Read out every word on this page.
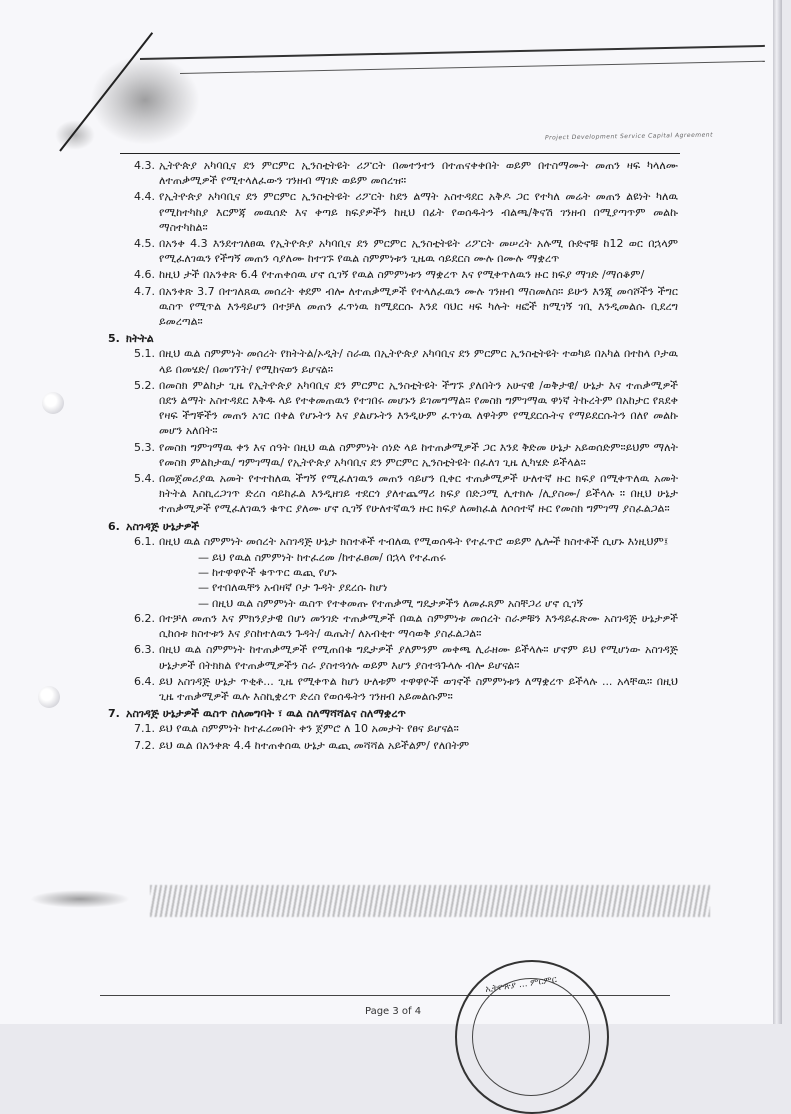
Project Development Service Capital Agreement
4.3. ኢትዮጵያ አካባቢና ደን ምርምር ኢንስቲትዩት ሪፖርት በመተንተን በተጠናቀቀበት ወይም በተስማሙት መጠን ዛፍ ካላለሙ ለተጠቃሚዎች የሚተላለፈውን ገንዘብ ማገድ ወይም መሰረዝ።
4.4. የኢትዮጵያ አካባቢና ደን ምርምር ኢንስቲትዩት ሪፖርት ከደን ልማት አስተዳደር አቅዶ ጋር የተካለ መሬት መጠን ልዩነት ካለዉ የሚከተካከያ እርምጃ መዉሰድ እና ቀጣይ ክፍያዎችን ከዚህ በፊት የወሰዱትን ብልጫ/ቅናሽ ገንዘብ በሚያጣጥም መልኩ ማስተካከል።
4.5. በአንቀ 4.3 እንደተገለፀዉ የኢትዮጵያ አካባቢና ደን ምርምር ኢንስቲትዩት ሪፖርት መሠረት አሉሚ ቡድኖቹ ከ12 ወር በኋላም የሚፈለገዉን የችግኝ መጠን ሳያለሙ ከተገኙ የዉል ስምምነቱን ጊዜዉ ሳይደርስ ሙሉ በሙሉ ማቋረጥ
4.6. ከዚህ ታች በአንቀጽ 6.4 የተጠቀሰዉ ሆኖ ሲገኝ የዉል ስምምነቱን ማቋረጥ እና የሚቀጥለዉን ዙር ክፍያ ማገድ /ማሰቆም/
4.7. በአንቀጽ 3.7 በተገለጸዉ መሰረት ቀደም ብሎ ለተጠቃሚዎች የተላለፈዉን ሙሉ ገንዘብ ማስመለስ። ይሁን እንጂ መሳሾችን ችግር ዉስጥ የሚጥል እንዳይሆን በተቻለ መጠን ፈጥነዉ ክሚደርሱ እንደ ባህር ዛፍ ካሉት ዛፎች ክሚገኝ ገቢ እንዲመልሱ ቢደረግ ይመረጣል።
5. ክትትል
5.1. በዚህ ዉል ስምምነት መሰረት የክትትል/ኦዲት/ ስራዉ በኢትዮጵያ አካባቢና ደን ምርምር ኢንስቲትዩት ተወካይ በአካል በተከላ ቦታዉ ላይ በመሄድ/ በመገኘት/ የሚከናወን ይሆናል።
5.2. በመስክ ምልከታ ጊዜ የኢትዮጵያ አካባቢና ደን ምርምር ኢንስቲትዩት ችግኙ ያለበትን አሁናዊ /ወቅታዊ/ ሁኔታ እና ተጠቃሚዎች በደን ልማት አስተዳደር እቅዱ ላይ የተቀመጠዉን የተገበሩ መሆኑን ይገመግማል። የመስክ ግምገማዉ ዋነኛ ትኩረትም በአከታር የጸደቀ የዛፍ ችግኞችን መጠን አገር በቀል የሆኑትን እና ያልሆኑትን እንዲሁም ፈጥነዉ ለዋትም የሚደርሱትና የማይደርሱትን በለየ መልኩ መሆን አለበት።
5.3. የመስክ ግምገማዉ ቀን እና ሰዓት በዚህ ዉል ስምምነት ሰነድ ላይ ከተጠቃሚዎች ጋር እንደ ቅድመ ሁኔታ አይወሰድም።ይህም ማለት የመስክ ምልከታዉ/ ግምገማዉ/ የኢትዮጵያ አካባቢና ደን ምርምር ኢንስቲትዩት በፈለገ ጊዜ ሊካሄድ ይችላል።
5.4. በመጀመሪያዉ አመት የተተከለዉ ችግኝ የሚፈለገዉን መጠን ሳይሆን ቢቀር ተጠቃሚዎች ሁለተኛ ዙር ክፍያ በሚቀጥለዉ አመት ክትትል እስኪረጋገጥ ድረስ ሳይከፈል እንዲዘገይ ተደርጎ ያለተጨማሪ ክፍያ በድጋሚ ሊተክሉ /ሊያስሙ/ ይችላሉ ። በዚህ ሁኔታ ተጠቃሚዎች የሚፈለገዉን ቁጥር ያለሙ ሆኖ ሲገኝ የሁለተኛዉን ዙር ክፍያ ለመክፈል ለሶሰተኛ ዙር የመስክ ግምገማ ያስፈልጋል።
6. አስገዳጅ ሁኔታዎች
6.1. በዚህ ዉል ስምምነት መሰረት አስገዳጅ ሁኔታ ክስተቶች ተብለዉ የሚወሰዱት የተፈጥሮ ወይም ሌሎች ክስተቶች ሲሆኑ እነዚህም፤
— ይህ የዉል ስምምነት ከተፈረመ /ከተፈፀመ/ በኋላ የተፈጠሩ
— ከተዋዋዮች ቁጥጥር ዉጪ የሆኑ
— የተበለዉቸን አብዛኛ ቦታ ጉዳት ያደረሱ ከሆነ
— በዚህ ዉል ስምምነት ዉስጥ የተቀመጡ የተጠቃሚ ግዴታዎችን ለመፈጸም አስቸጋሪ ሆኖ ሲገኝ
6.2. በተቻለ መጠን እና ምክንያታዊ በሆነ መንገድ ተጠቃሚዎች በዉል ስምምነቱ መሰረት ስራዎቹን እንዳይፈጽሙ አስገዳጅ ሁኔታዎች ሲከሰቱ ክስተቱን እና ያስከተለዉን ጉዳት/ ዉጤት/ ለአብቂተ ማሳወቅ ያስፈልጋል።
6.3. በዚህ ዉል ስምምነት ከተጠቃሚዎች የሚጠበቁ ግዴታዎች ያለምንም መቀጫ ሊራዘሙ ይችላሉ። ሆኖም ይህ የሚሆነው አስገዳጅ ሁኔታዎች በትክክል የተጠቃሚዎችን ስራ ያስተጓጎሉ ወይም እሆን ያስተጓጉላሉ ብሎ ይሆናል።
6.4. ይህ አስገዳጅ ሁኔታ ጥቂቶ... ጊዜ የሚቀጥል ከሆነ ሁለቱም ተዋዋዮች ወገኖች ስምምነቱን ለማቋረጥ ይችላሉ ... አላቸዉ። በዚህ ጊዜ ተጠቃሚዎች ዉሉ እስኪቋረጥ ድረስ የወሰዱትን ገንዘብ አይመልሱም።
7. አስገዳጅ ሁኔታዎች ዉስጥ ስለመግባት ፣ ዉል ስለማሻሻልና ስለማቋረጥ
7.1. ይህ የዉል ስምምነት ከተፈረመበት ቀን ጀምሮ ለ 10 አመታት የፀና ይሆናል።
7.2. ይህ ዉል በአንቀጽ 4.4 ከተጠቀሰዉ ሁኔታ ዉጪ መሻሻል አይችልም/ የለበትም
Page 3 of 4
ኢትዮጵያ ... ምርምር
